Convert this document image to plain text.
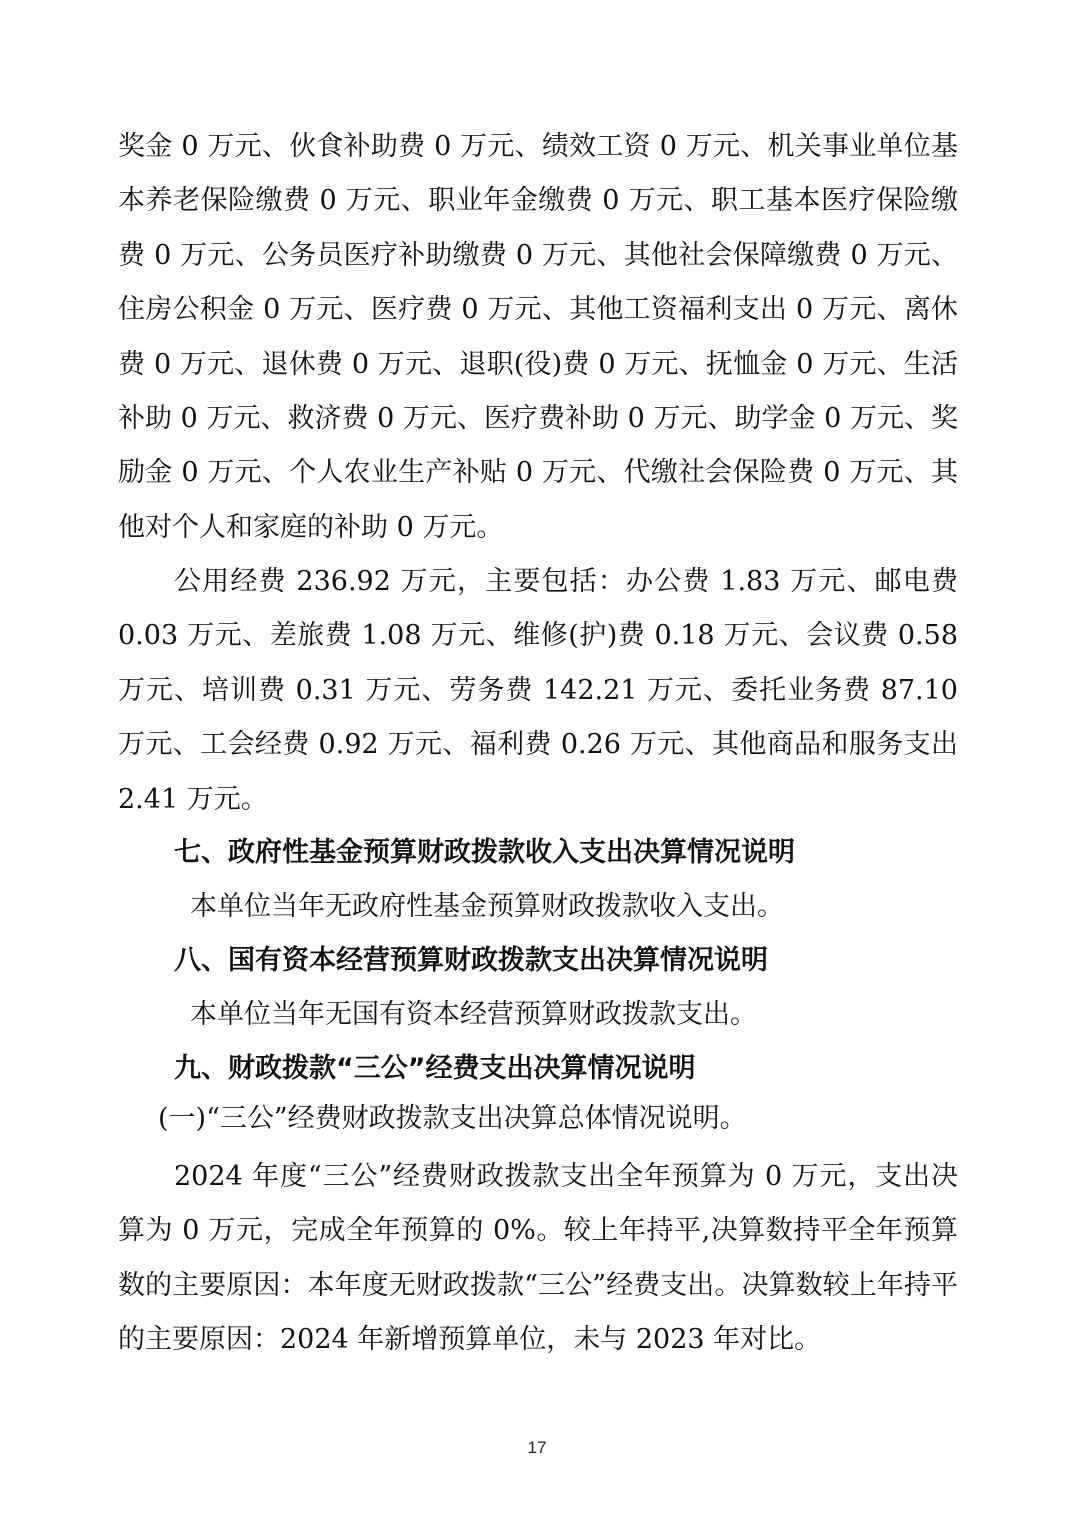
奖金 0 万元、伙食补助费 0 万元、绩效工资 0 万元、机关事业单位基本养老保险缴费 0 万元、职业年金缴费 0 万元、职工基本医疗保险缴费 0 万元、公务员医疗补助缴费 0 万元、其他社会保障缴费 0 万元、住房公积金 0 万元、医疗费 0 万元、其他工资福利支出 0 万元、离休费 0 万元、退休费 0 万元、退职(役)费 0 万元、抚恤金 0 万元、生活补助 0 万元、救济费 0 万元、医疗费补助 0 万元、助学金 0 万元、奖励金 0 万元、个人农业生产补贴 0 万元、代缴社会保险费 0 万元、其他对个人和家庭的补助 0 万元。
公用经费 236.92 万元，主要包括：办公费 1.83 万元、邮电费 0.03 万元、差旅费 1.08 万元、维修(护)费 0.18 万元、会议费 0.58 万元、培训费 0.31 万元、劳务费 142.21 万元、委托业务费 87.10 万元、工会经费 0.92 万元、福利费 0.26 万元、其他商品和服务支出 2.41 万元。
七、政府性基金预算财政拨款收入支出决算情况说明
本单位当年无政府性基金预算财政拨款收入支出。
八、国有资本经营预算财政拨款支出决算情况说明
本单位当年无国有资本经营预算财政拨款支出。
九、财政拨款“三公”经费支出决算情况说明
(一)“三公”经费财政拨款支出决算总体情况说明。
2024 年度“三公”经费财政拨款支出全年预算为 0 万元，支出决算为 0 万元，完成全年预算的 0%。较上年持平,决算数持平全年预算数的主要原因：本年度无财政拨款“三公”经费支出。决算数较上年持平的主要原因：2024 年新增预算单位，未与 2023 年对比。
17
